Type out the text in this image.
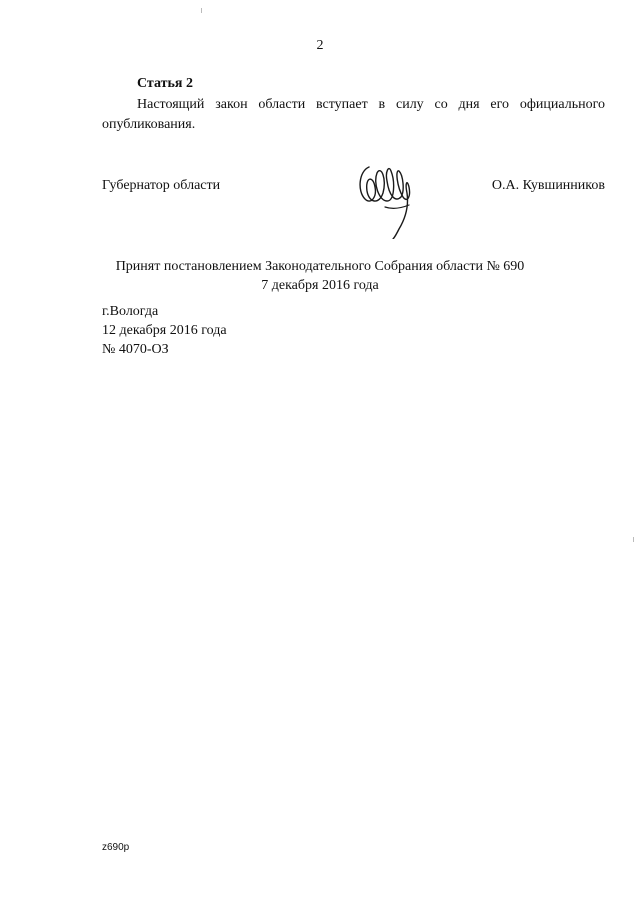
2
Статья 2
Настоящий закон области вступает в силу со дня его официального опубликования.
Губернатор области	О.А. Кувшинников
Принят постановлением Законодательного Собрания области № 690
7 декабря 2016 года
г.Вологда
12 декабря 2016 года
№ 4070-ОЗ
z690p
